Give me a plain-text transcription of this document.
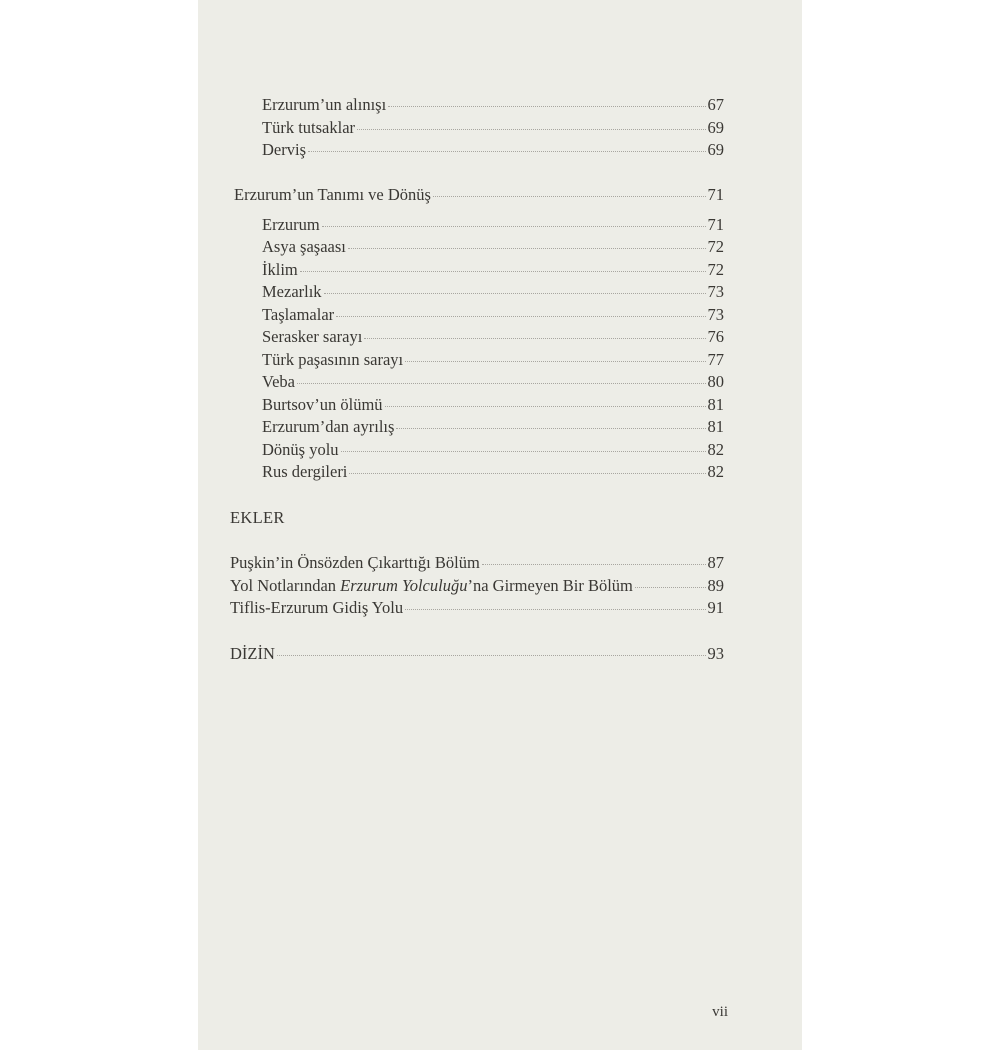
Erzurum’un alınışı	67
Türk tutsaklar	69
Derviş	69
Erzurum’un Tanımı ve Dönüş	71
Erzurum	71
Asya şaşaası	72
İklim	72
Mezarlık	73
Taşlamalar	73
Serasker sarayı	76
Türk paşasının sarayı	77
Veba	80
Burtsov’un ölümü	81
Erzurum’dan ayrılış	81
Dönüş yolu	82
Rus dergileri	82
EKLER
Puşkin’in Önsözden Çıkarttığı Bölüm	87
Yol Notlarından Erzurum Yolculuğu’na Girmeyen Bir Bölüm	89
Tiflis-Erzurum Gidiş Yolu	91
DİZİN	93
vii
